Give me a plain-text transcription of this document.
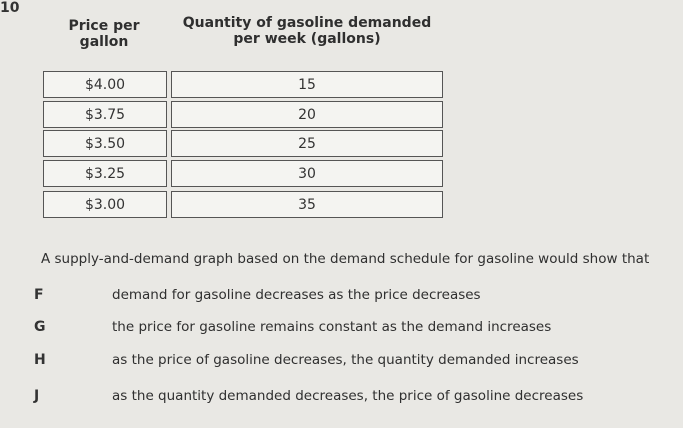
10
Price per gallon
Quantity of gasoline demanded per week (gallons)
$4.00	15
$3.75	20
$3.50	25
$3.25	30
$3.00	35
A supply-and-demand graph based on the demand schedule for gasoline would show that
F	demand for gasoline decreases as the price decreases
G	the price for gasoline remains constant as the demand increases
H	as the price of gasoline decreases, the quantity demanded increases
J	as the quantity demanded decreases, the price of gasoline decreases
